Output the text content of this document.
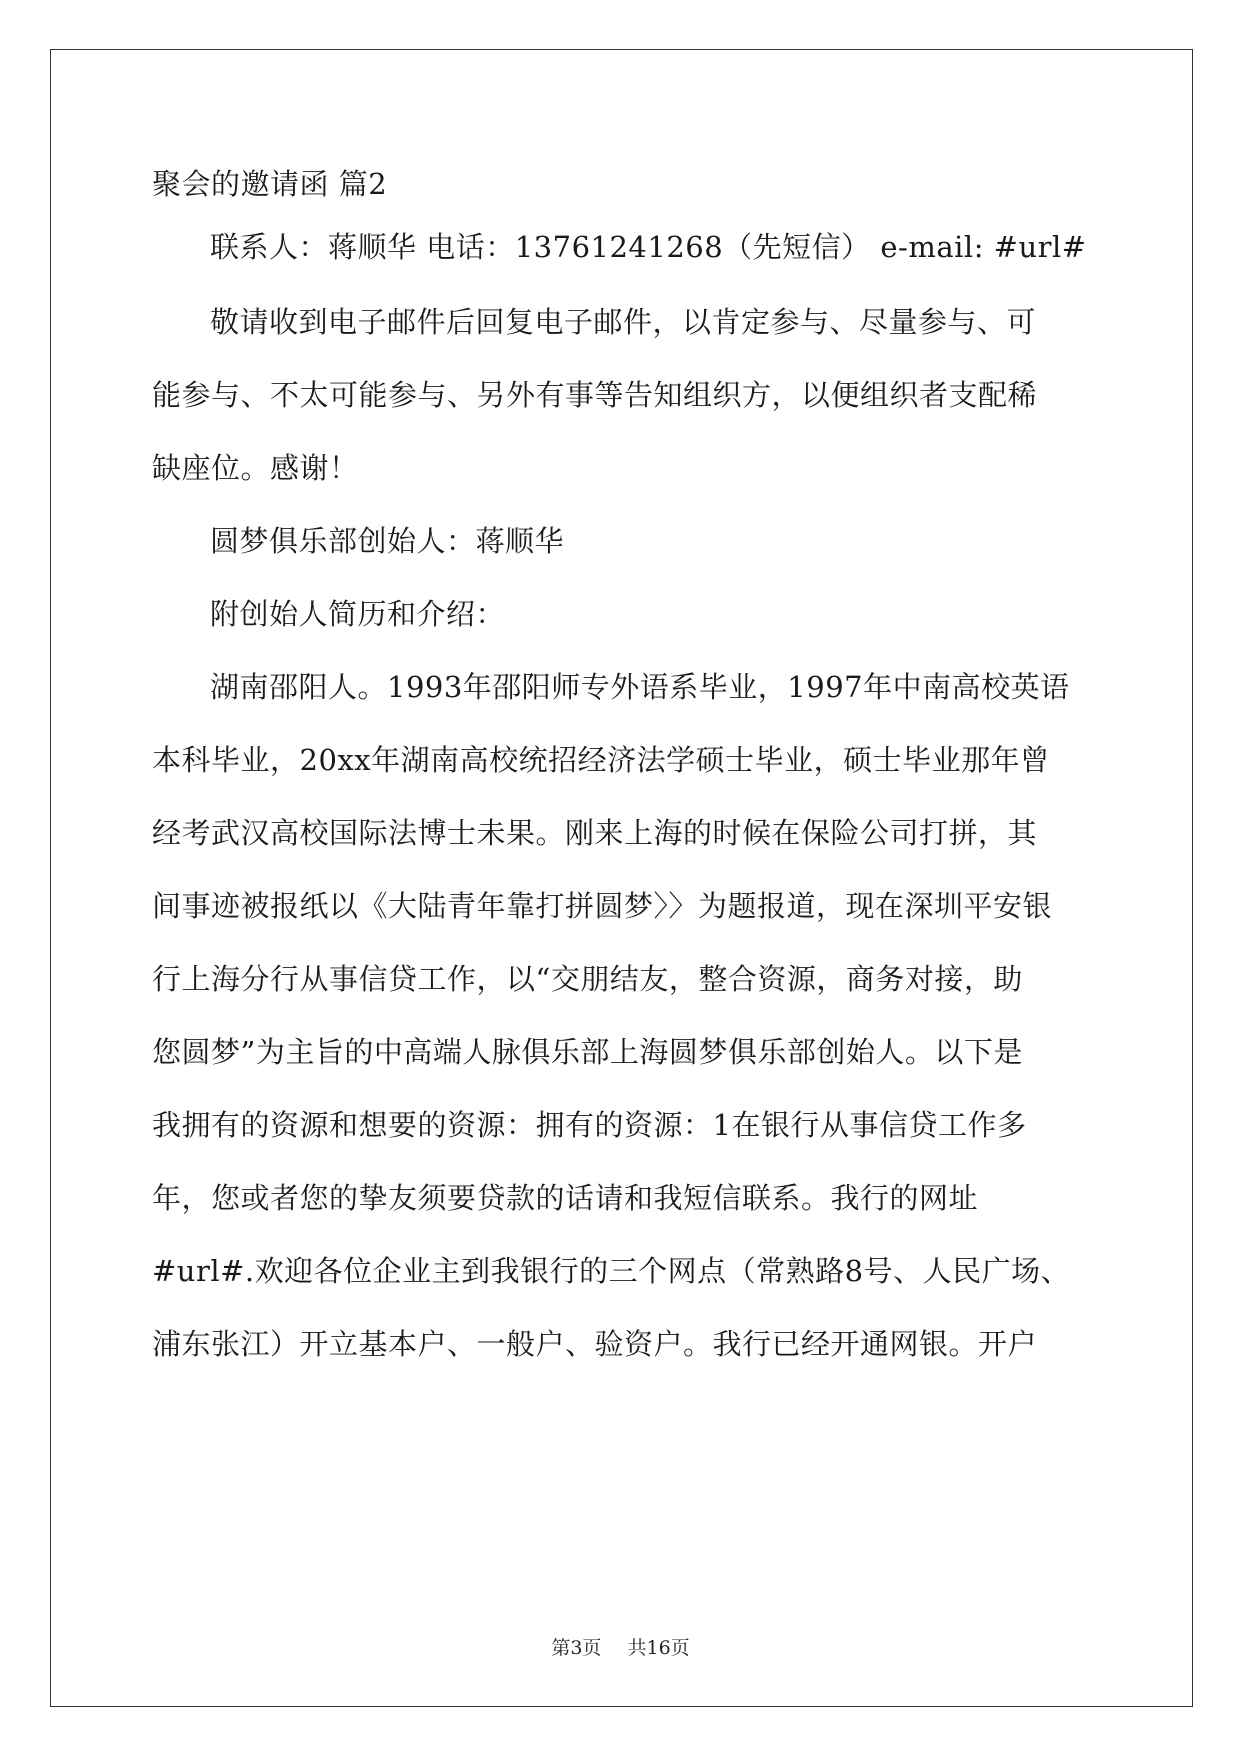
聚会的邀请函 篇2
联系人：蒋顺华 电话：13761241268（先短信） e-mail: #url#
敬请收到电子邮件后回复电子邮件，以肯定参与、尽量参与、可
能参与、不太可能参与、另外有事等告知组织方，以便组织者支配稀
缺座位。感谢！
圆梦俱乐部创始人：蒋顺华
附创始人简历和介绍：
湖南邵阳人。1993年邵阳师专外语系毕业，1997年中南高校英语
本科毕业，20xx年湖南高校统招经济法学硕士毕业，硕士毕业那年曾
经考武汉高校国际法博士未果。刚来上海的时候在保险公司打拼，其
间事迹被报纸以《大陆青年靠打拼圆梦〉〉为题报道，现在深圳平安银
行上海分行从事信贷工作，以“交朋结友，整合资源，商务对接，助
您圆梦”为主旨的中高端人脉俱乐部上海圆梦俱乐部创始人。以下是
我拥有的资源和想要的资源：拥有的资源：1在银行从事信贷工作多
年，您或者您的挚友须要贷款的话请和我短信联系。我行的网址
#url#.欢迎各位企业主到我银行的三个网点（常熟路8号、人民广场、
浦东张江）开立基本户、一般户、验资户。我行已经开通网银。开户
第3页 共16页
